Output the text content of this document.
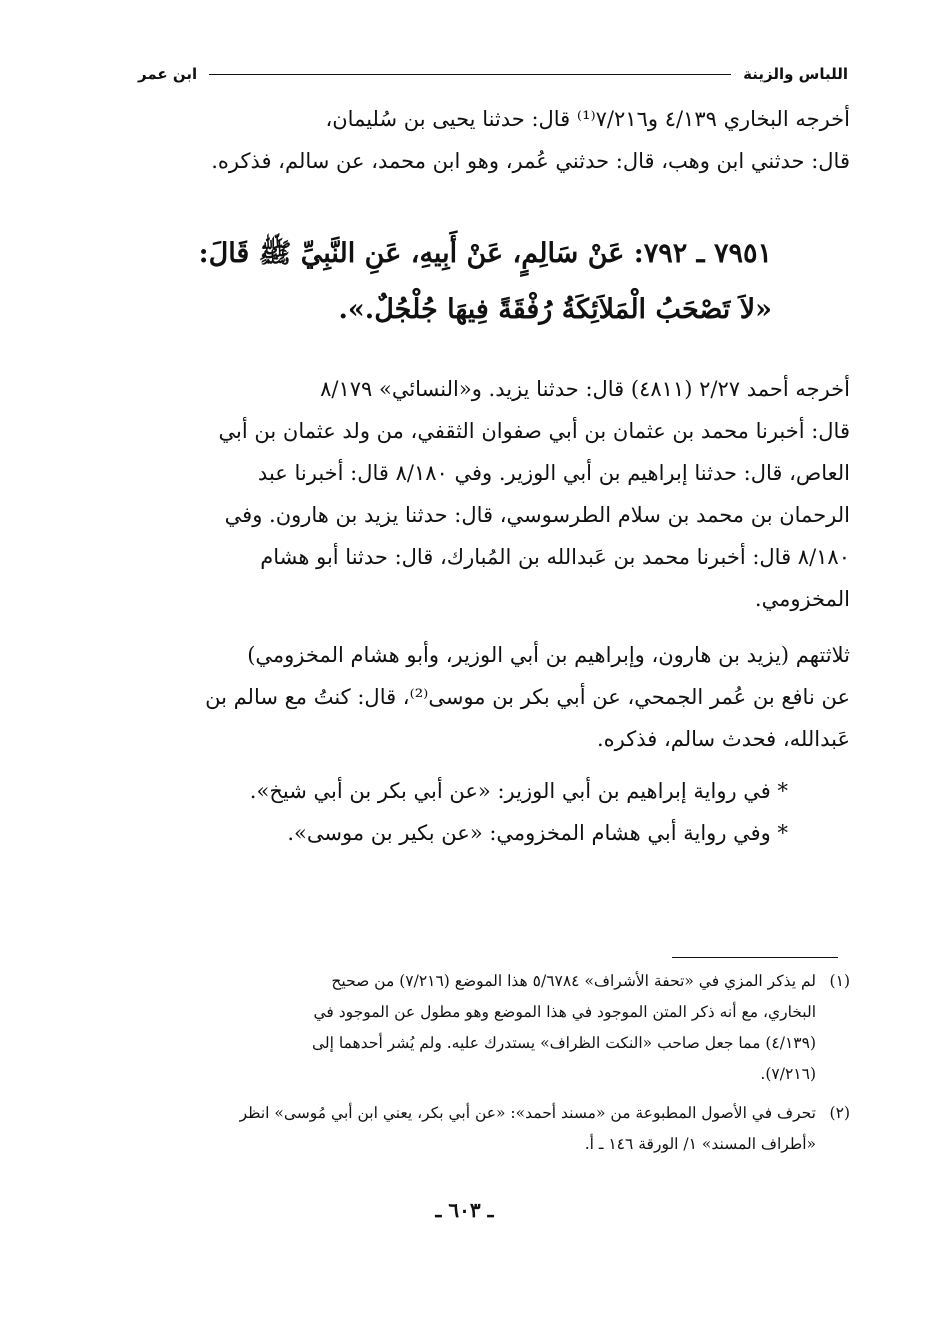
اللباس والزينة
ابن عمر

أخرجه البخاري ٤/١٣٩ و٧/٢١٦⁽¹⁾ قال: حدثنا يحيى بن سُليمان،

قال: حدثني ابن وهب، قال: حدثني عُمر، وهو ابن محمد، عن سالم، فذكره.

٧٩٥١ ـ ٧٩٢: عَنْ سَالِمٍ، عَنْ أَبِيهِ، عَنِ النَّبِيِّ ﷺ قَالَ:

«لاَ تَصْحَبُ الْمَلاَئِكَةُ رُفْقَةً فِيهَا جُلْجُلٌ.».

أخرجه أحمد ٢/٢٧ (٤٨١١) قال: حدثنا يزيد. و«النسائي» ٨/١٧٩

قال: أخبرنا محمد بن عثمان بن أبي صفوان الثقفي، من ولد عثمان بن أبي

العاص، قال: حدثنا إبراهيم بن أبي الوزير. وفي ٨/١٨٠ قال: أخبرنا عبد

الرحمان بن محمد بن سلام الطرسوسي، قال: حدثنا يزيد بن هارون. وفي

٨/١٨٠ قال: أخبرنا محمد بن عَبدالله بن المُبارك، قال: حدثنا أبو هشام

المخزومي.

ثلاثتهم (يزيد بن هارون، وإبراهيم بن أبي الوزير، وأبو هشام المخزومي)

عن نافع بن عُمر الجمحي، عن أبي بكر بن موسى⁽²⁾، قال: كنتُ مع سالم بن

عَبدالله، فحدث سالم، فذكره.

* في رواية إبراهيم بن أبي الوزير: «عن أبي بكر بن أبي شيخ».

* وفي رواية أبي هشام المخزومي: «عن بكير بن موسى».

(١)لم يذكر المزي في «تحفة الأشراف» ٥/٦٧٨٤ هذا الموضع (٧/٢١٦) من صحيح

البخاري، مع أنه ذكر المتن الموجود في هذا الموضع وهو مطول عن الموجود في

(٤/١٣٩) مما جعل صاحب «النكت الظراف» يستدرك عليه. ولم يُشر أحدهما إلى

(٧/٢١٦).

(٢)تحرف في الأصول المطبوعة من «مسند أحمد»: «عن أبي بكر، يعني ابن أبي مُوسى» انظر

«أطراف المسند» ١/ الورقة ١٤٦ ـ أ.

ـ ٦٠٣ ـ
